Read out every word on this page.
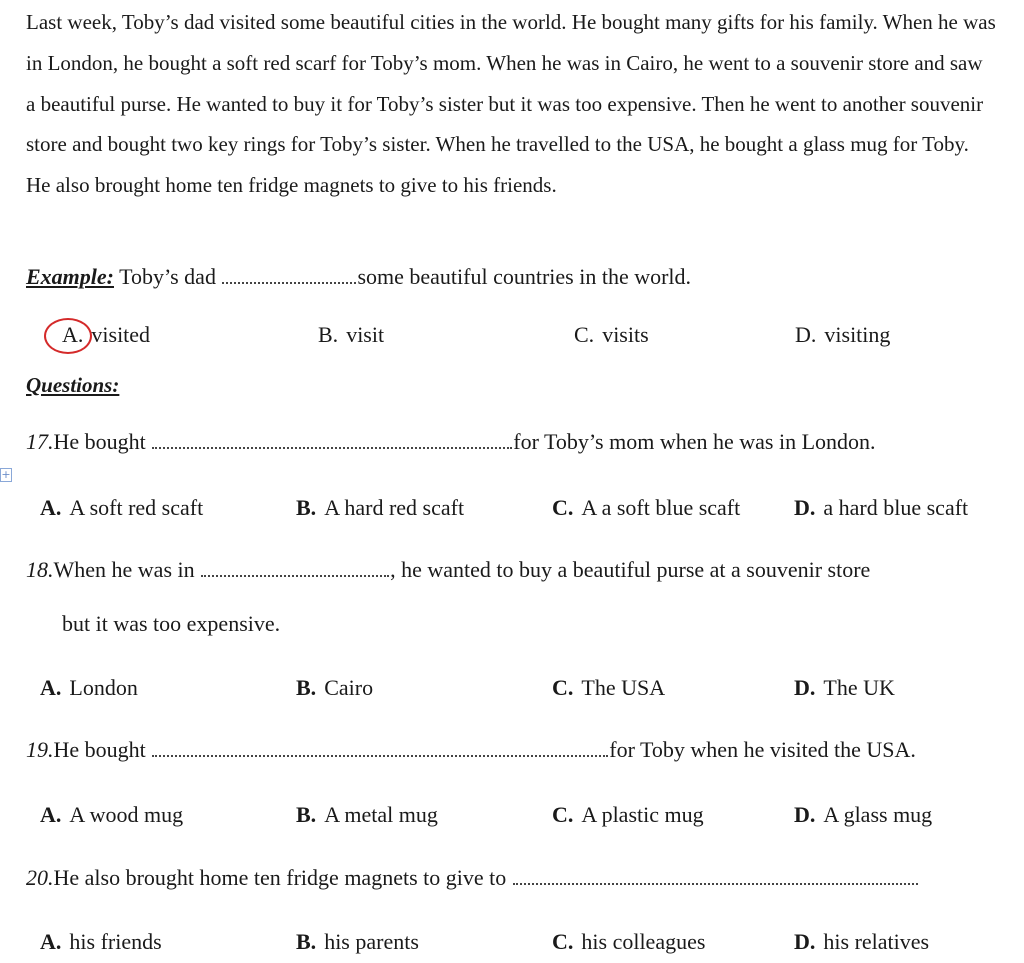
Last week, Toby’s dad visited some beautiful cities in the world. He bought many gifts for his family. When he was in London, he bought a soft red scarf for Toby’s mom. When he was in Cairo, he went to a souvenir store and saw a beautiful purse. He wanted to buy it for Toby’s sister but it was too expensive. Then he went to another souvenir store and bought two key rings for Toby’s sister. When he travelled to the USA, he bought a glass mug for Toby. He also brought home ten fridge magnets to give to his friends.

Example: Toby’s dad	some beautiful countries in the world.
A. visited	B. visit	C. visits	D. visiting
Questions:
+
17.He bought	for Toby’s mom when he was in London.
A. A soft red scaft	B. A hard red scaft	C. A a soft blue scaft D. a hard blue scaft
18.When he was in	, he wanted to buy a beautiful purse at a souvenir store
but it was too expensive.
A. London	B. Cairo	C. The USA	D. The UK
19.He bought	for Toby when he visited the USA.
A. A wood mug	B. A metal mug	C. A plastic mug	D. A glass mug
20.He also brought home ten fridge magnets to give to
A. his friends	B. his parents	C. his colleagues	D. his relatives
